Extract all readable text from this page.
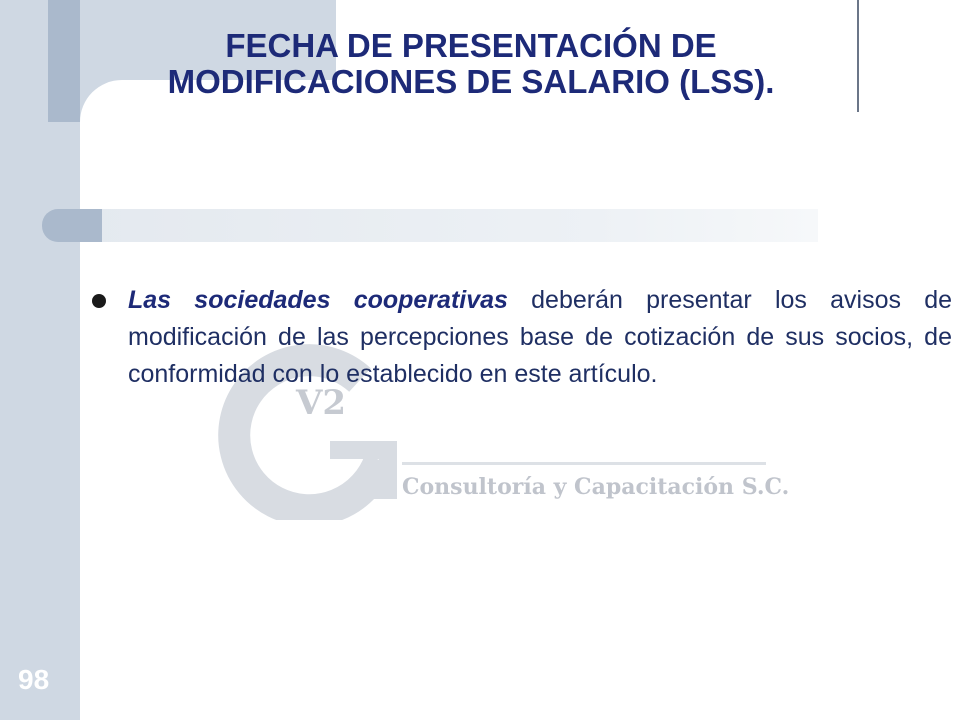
FECHA DE PRESENTACIÓN DE MODIFICACIONES DE SALARIO (LSS).
V2
Consultoría y Capacitación S.C.

Las sociedades cooperativas deberán presentar los avisos de modificación de las percepciones base de cotización de sus socios, de conformidad con lo establecido en este artículo.

98
